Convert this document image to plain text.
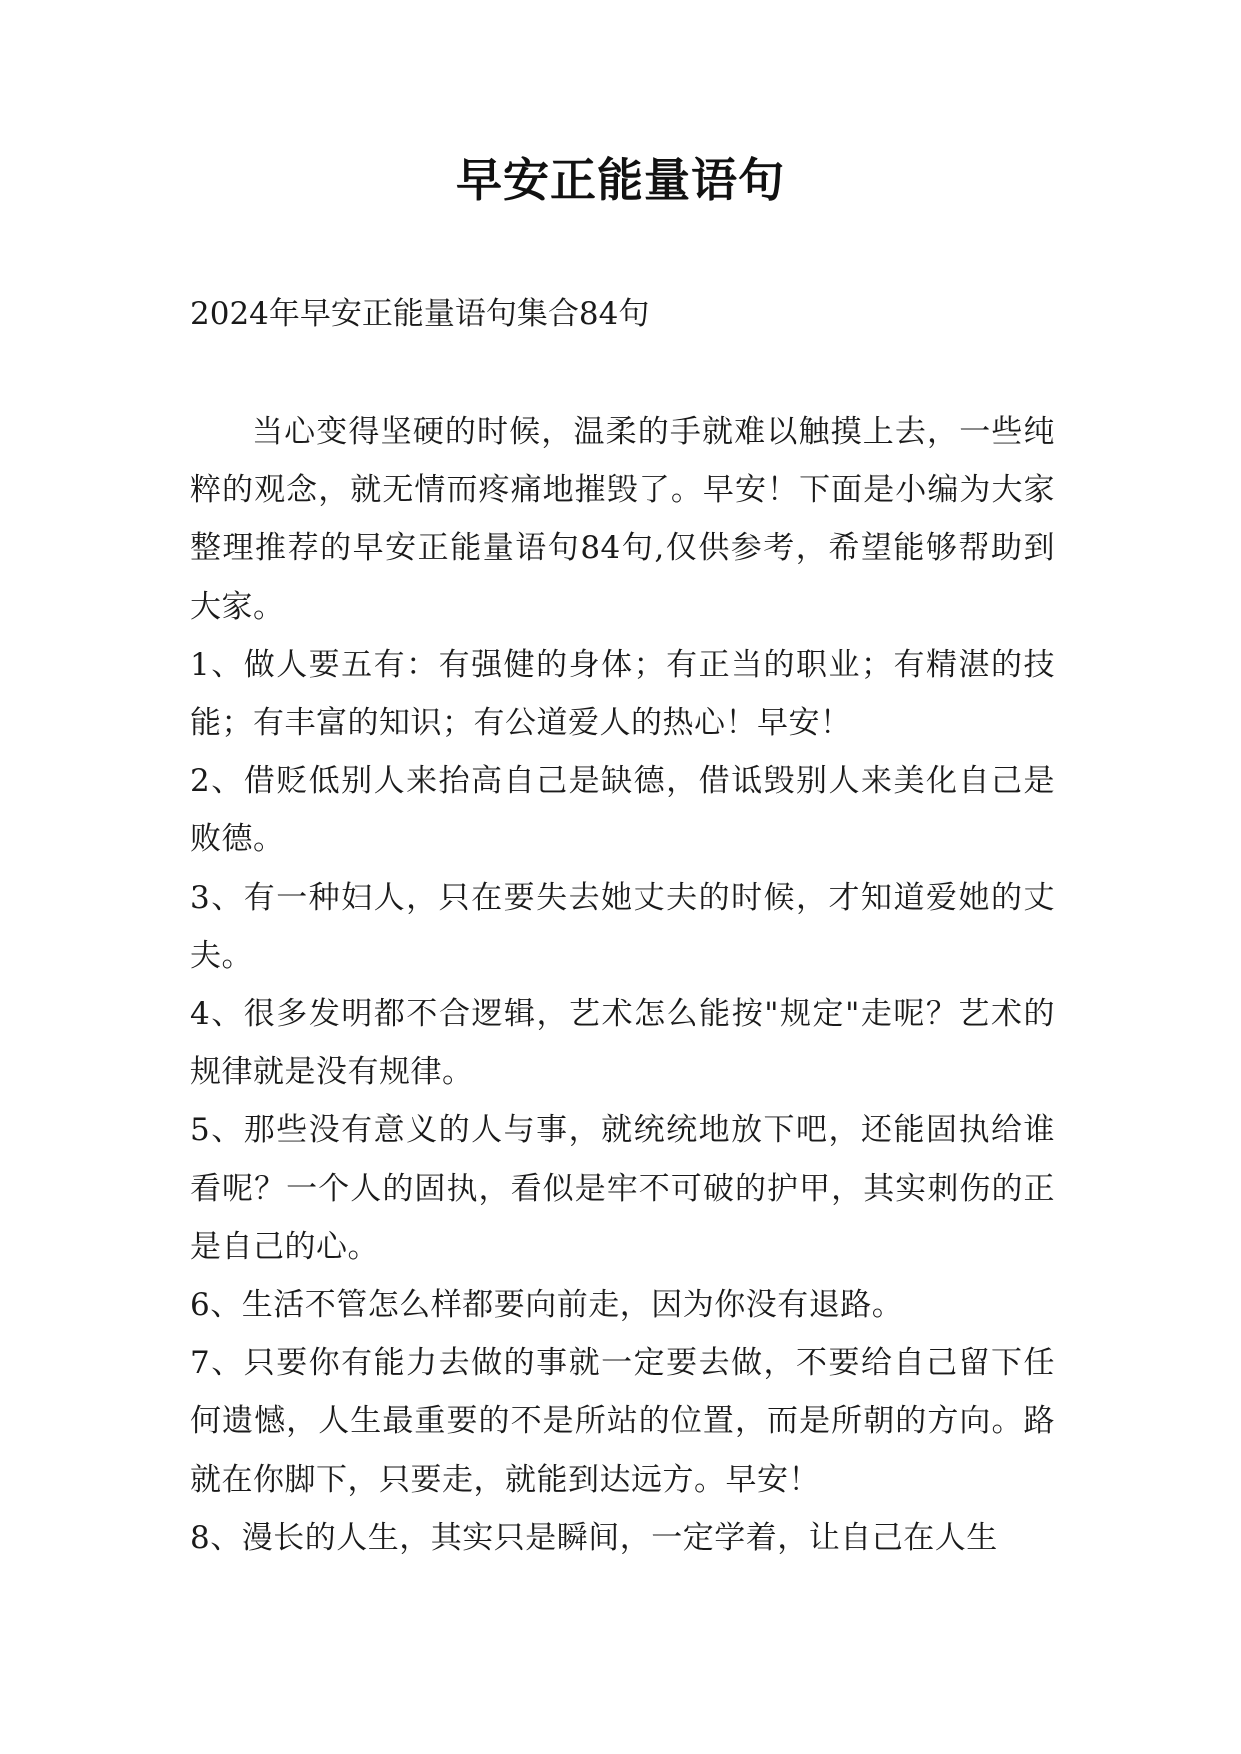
早安正能量语句
2024年早安正能量语句集合84句

当心变得坚硬的时候，温柔的手就难以触摸上去，一些纯粹的观念，就无情而疼痛地摧毁了。早安！下面是小编为大家整理推荐的早安正能量语句84句,仅供参考，希望能够帮助到大家。

1、做人要五有：有强健的身体；有正当的职业；有精湛的技能；有丰富的知识；有公道爱人的热心！早安！

2、借贬低别人来抬高自己是缺德，借诋毁别人来美化自己是败德。

3、有一种妇人，只在要失去她丈夫的时候，才知道爱她的丈夫。

4、很多发明都不合逻辑，艺术怎么能按"规定"走呢？艺术的规律就是没有规律。

5、那些没有意义的人与事，就统统地放下吧，还能固执给谁看呢？一个人的固执，看似是牢不可破的护甲，其实刺伤的正是自己的心。

6、生活不管怎么样都要向前走，因为你没有退路。

7、只要你有能力去做的事就一定要去做，不要给自己留下任何遗憾，人生最重要的不是所站的位置，而是所朝的方向。路就在你脚下，只要走，就能到达远方。早安！

8、漫长的人生，其实只是瞬间，一定学着，让自己在人生
